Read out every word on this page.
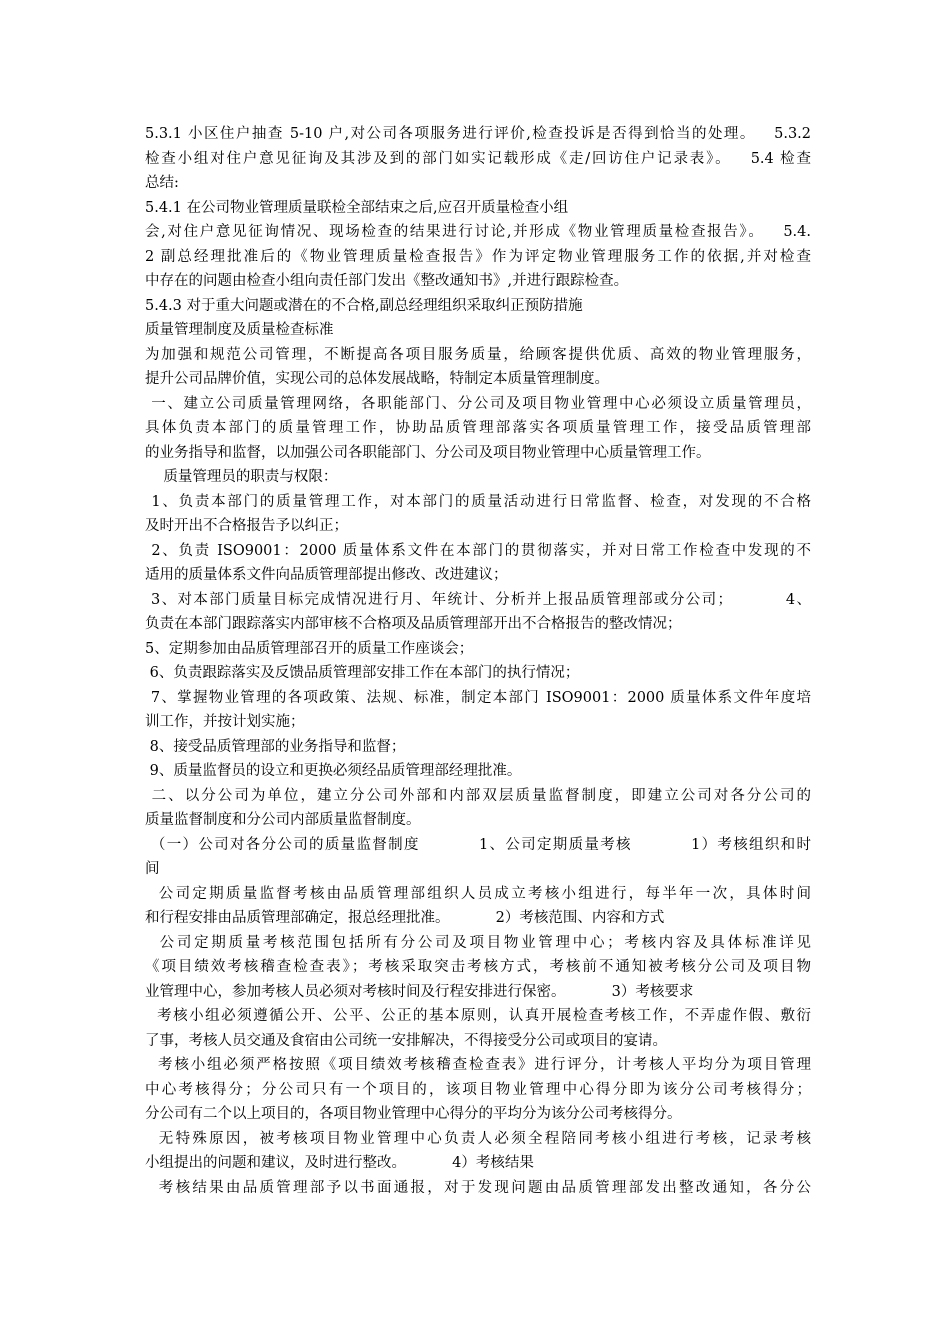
5.3.1 小区住户抽查 5-10 户,对公司各项服务进行评价,检查投诉是否得到恰当的处理。   5.3.2
检查小组对住户意见征询及其涉及到的部门如实记载形成《走/回访住户记录表》。   5.4 检查
总结:
5.4.1 在公司物业管理质量联检全部结束之后,应召开质量检查小组
会,对住户意见征询情况、现场检查的结果进行讨论,并形成《物业管理质量检查报告》。   5.4.
2 副总经理批准后的《物业管理质量检查报告》作为评定物业管理服务工作的依据,并对检查
中存在的问题由检查小组向责任部门发出《整改通知书》,并进行跟踪检查。
5.4.3 对于重大问题或潜在的不合格,副总经理组织采取纠正预防措施
质量管理制度及质量检查标准
为加强和规范公司管理，不断提高各项目服务质量，给顾客提供优质、高效的物业管理服务，
提升公司品牌价值，实现公司的总体发展战略，特制定本质量管理制度。
一、建立公司质量管理网络，各职能部门、分公司及项目物业管理中心必须设立质量管理员，
具体负责本部门的质量管理工作，协助品质管理部落实各项质量管理工作，接受品质管理部
的业务指导和监督，以加强公司各职能部门、分公司及项目物业管理中心质量管理工作。
质量管理员的职责与权限：
1、负责本部门的质量管理工作，对本部门的质量活动进行日常监督、检查，对发现的不合格
及时开出不合格报告予以纠正；
2、负责 ISO9001：2000 质量体系文件在本部门的贯彻落实，并对日常工作检查中发现的不
适用的质量体系文件向品质管理部提出修改、改进建议；
3、对本部门质量目标完成情况进行月、年统计、分析并上报品质管理部或分公司；         4、
负责在本部门跟踪落实内部审核不合格项及品质管理部开出不合格报告的整改情况；
5、定期参加由品质管理部召开的质量工作座谈会；
6、负责跟踪落实及反馈品质管理部安排工作在本部门的执行情况；
7、掌握物业管理的各项政策、法规、标准，制定本部门 ISO9001：2000 质量体系文件年度培
训工作，并按计划实施；
8、接受品质管理部的业务指导和监督；
9、质量监督员的设立和更换必须经品质管理部经理批准。
二、以分公司为单位，建立分公司外部和内部双层质量监督制度，即建立公司对各分公司的
质量监督制度和分公司内部质量监督制度。
（一）公司对各分公司的质量监督制度          1、公司定期质量考核          1）考核组织和时
间
公司定期质量监督考核由品质管理部组织人员成立考核小组进行，每半年一次，具体时间
和行程安排由品质管理部确定，报总经理批准。          2）考核范围、内容和方式
公司定期质量考核范围包括所有分公司及项目物业管理中心；考核内容及具体标准详见
《项目绩效考核稽查检查表》；考核采取突击考核方式，考核前不通知被考核分公司及项目物
业管理中心，参加考核人员必须对考核时间及行程安排进行保密。          3）考核要求
考核小组必须遵循公开、公平、公正的基本原则，认真开展检查考核工作，不弄虚作假、敷衍
了事，考核人员交通及食宿由公司统一安排解决，不得接受分公司或项目的宴请。
考核小组必须严格按照《项目绩效考核稽查检查表》进行评分，计考核人平均分为项目管理
中心考核得分；分公司只有一个项目的，该项目物业管理中心得分即为该分公司考核得分；
分公司有二个以上项目的，各项目物业管理中心得分的平均分为该分公司考核得分。
无特殊原因，被考核项目物业管理中心负责人必须全程陪同考核小组进行考核，记录考核
小组提出的问题和建议，及时进行整改。          4）考核结果
考核结果由品质管理部予以书面通报，对于发现问题由品质管理部发出整改通知，各分公
